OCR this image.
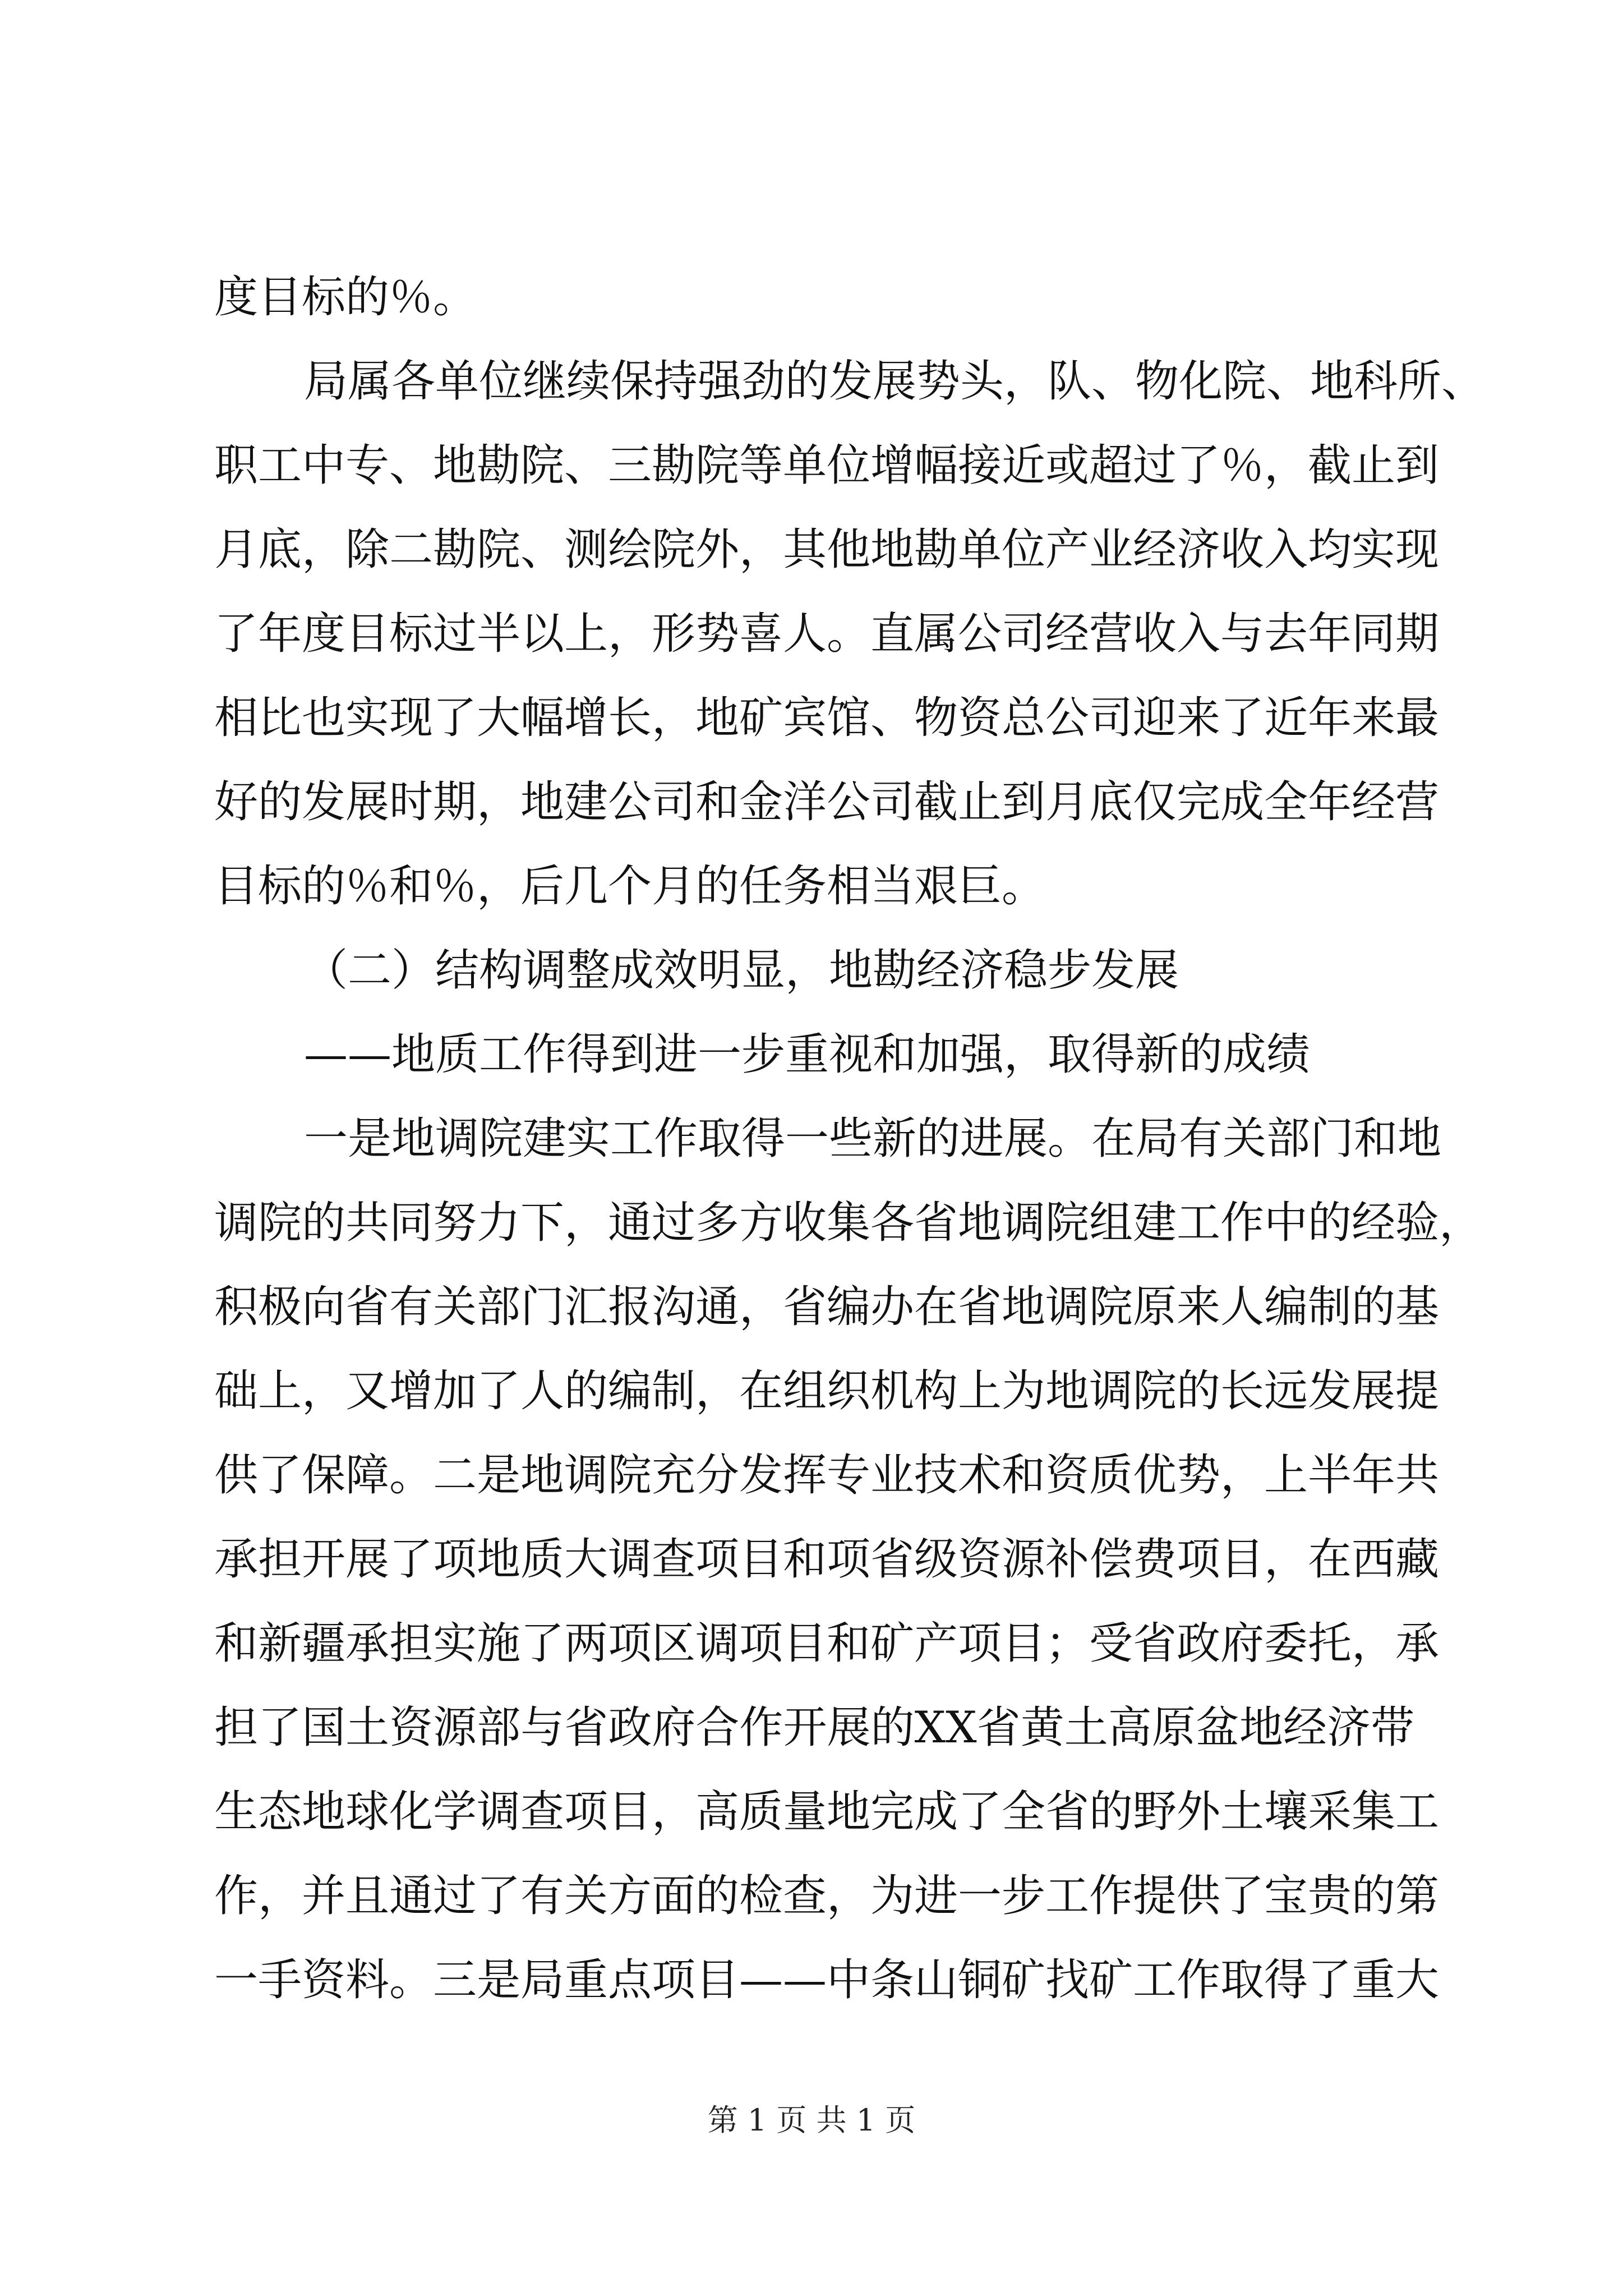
度目标的％。
局属各单位继续保持强劲的发展势头，队、物化院、地科所、
职工中专、地勘院、三勘院等单位增幅接近或超过了％，截止到
月底，除二勘院、测绘院外，其他地勘单位产业经济收入均实现
了年度目标过半以上，形势喜人。直属公司经营收入与去年同期
相比也实现了大幅增长，地矿宾馆、物资总公司迎来了近年来最
好的发展时期，地建公司和金洋公司截止到月底仅完成全年经营
目标的％和％，后几个月的任务相当艰巨。
（二）结构调整成效明显，地勘经济稳步发展
——地质工作得到进一步重视和加强，取得新的成绩
一是地调院建实工作取得一些新的进展。在局有关部门和地
调院的共同努力下，通过多方收集各省地调院组建工作中的经验，
积极向省有关部门汇报沟通，省编办在省地调院原来人编制的基
础上，又增加了人的编制，在组织机构上为地调院的长远发展提
供了保障。二是地调院充分发挥专业技术和资质优势，上半年共
承担开展了项地质大调查项目和项省级资源补偿费项目，在西藏
和新疆承担实施了两项区调项目和矿产项目；受省政府委托，承
担了国土资源部与省政府合作开展的XX省黄土高原盆地经济带
生态地球化学调查项目，高质量地完成了全省的野外土壤采集工
作，并且通过了有关方面的检查，为进一步工作提供了宝贵的第
一手资料。三是局重点项目——中条山铜矿找矿工作取得了重大
第 1 页 共 1 页
